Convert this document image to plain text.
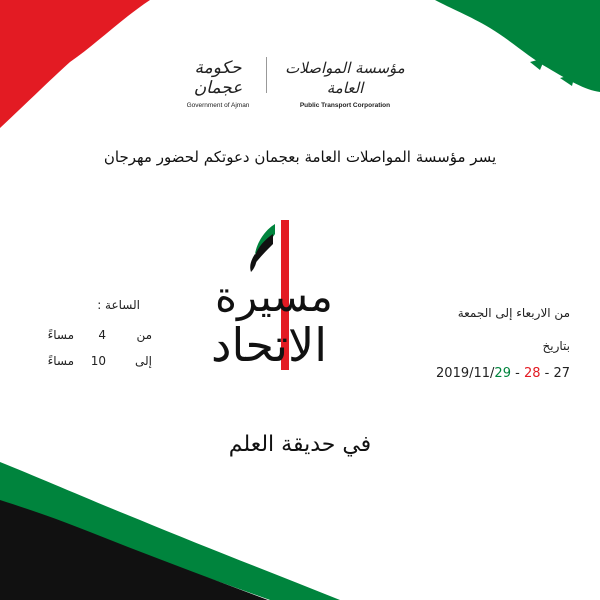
حكومة عجمان
Government of Ajman
مؤسسة المواصلات العامة
Public Transport Corporation
يسر مؤسسة المواصلات العامة بعجمان دعوتكم لحضور مهرجان
مسيرة
الاتحاد
الساعة :
من
4
مساءً
إلى
10
مساءً
من الاربعاء إلى الجمعة
بتاريخ
2019/11/29 - 28 - 27
في حديقة العلم
